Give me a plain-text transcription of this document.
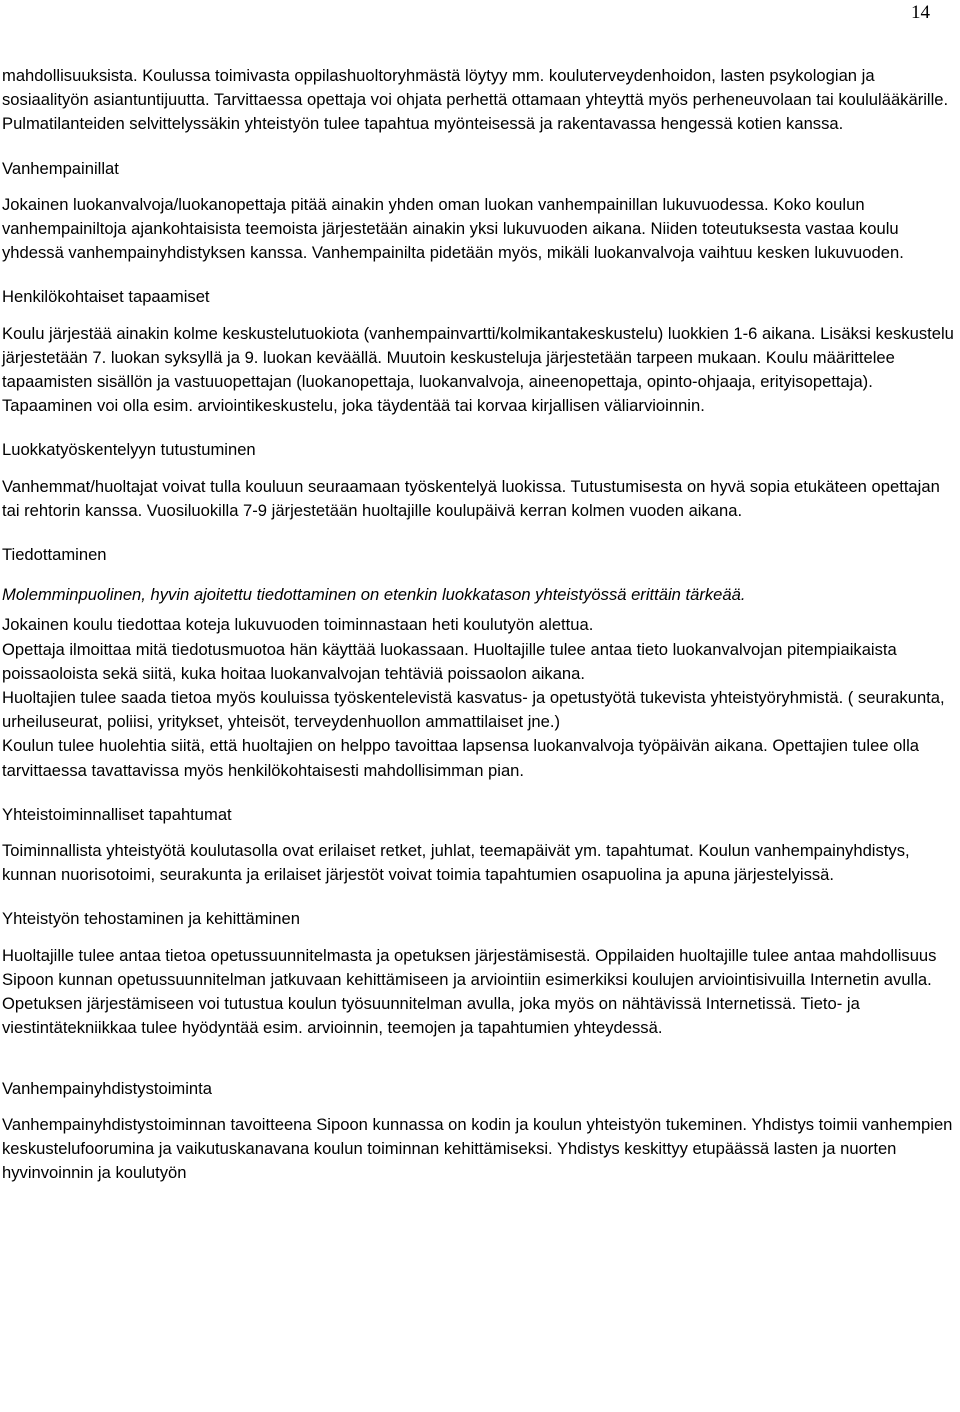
14

mahdollisuuksista. Koulussa toimivasta oppilashuoltoryhmästä löytyy mm. kouluterveydenhoidon, lasten psykologian ja sosiaalityön asiantuntijuutta. Tarvittaessa opettaja voi ohjata perhettä ottamaan yhteyttä myös perheneuvolaan tai koululääkärille. Pulmatilanteiden selvittelyssäkin yhteistyön tulee tapahtua myönteisessä ja rakentavassa hengessä kotien kanssa.

Vanhempainillat

Jokainen luokanvalvoja/luokanopettaja pitää ainakin yhden oman luokan vanhempainillan lukuvuodessa. Koko koulun vanhempainiltoja ajankohtaisista teemoista järjestetään ainakin yksi lukuvuoden aikana. Niiden toteutuksesta vastaa koulu yhdessä vanhempainyhdistyksen kanssa. Vanhempainilta pidetään myös, mikäli luokanvalvoja vaihtuu kesken lukuvuoden.

Henkilökohtaiset tapaamiset

Koulu järjestää ainakin kolme keskustelutuokiota (vanhempainvartti/kolmikantakeskustelu) luokkien 1-6 aikana. Lisäksi keskustelu järjestetään 7. luokan syksyllä ja 9. luokan keväällä. Muutoin keskusteluja järjestetään tarpeen mukaan. Koulu määrittelee tapaamisten sisällön ja vastuuopettajan (luokanopettaja, luokanvalvoja, aineenopettaja, opinto-ohjaaja, erityisopettaja). Tapaaminen voi olla esim. arviointikeskustelu, joka täydentää tai korvaa kirjallisen väliarvioinnin.

Luokkatyöskentelyyn tutustuminen

Vanhemmat/huoltajat voivat tulla kouluun seuraamaan työskentelyä luokissa. Tutustumisesta on hyvä sopia etukäteen opettajan tai rehtorin kanssa. Vuosiluokilla 7-9 järjestetään huoltajille koulupäivä kerran kolmen vuoden aikana.

Tiedottaminen

Molemminpuolinen, hyvin ajoitettu tiedottaminen on etenkin luokkatason yhteistyössä erittäin tärkeää.

Jokainen koulu tiedottaa koteja lukuvuoden toiminnastaan heti koulutyön alettua.

Opettaja ilmoittaa mitä tiedotusmuotoa hän käyttää luokassaan. Huoltajille tulee antaa tieto luokanvalvojan pitempiaikaista poissaoloista sekä siitä, kuka hoitaa luokanvalvojan tehtäviä poissaolon aikana.

Huoltajien tulee saada tietoa myös kouluissa työskentelevistä kasvatus- ja opetustyötä tukevista yhteistyöryhmistä. ( seurakunta, urheiluseurat, poliisi, yritykset, yhteisöt, terveydenhuollon ammattilaiset jne.)

Koulun tulee huolehtia siitä, että huoltajien on helppo tavoittaa lapsensa luokanvalvoja työpäivän aikana. Opettajien tulee olla tarvittaessa tavattavissa myös henkilökohtaisesti mahdollisimman pian.

Yhteistoiminnalliset tapahtumat

Toiminnallista yhteistyötä koulutasolla ovat erilaiset retket, juhlat, teemapäivät ym. tapahtumat. Koulun vanhempainyhdistys, kunnan nuorisotoimi, seurakunta ja erilaiset järjestöt voivat toimia tapahtumien osapuolina ja apuna järjestelyissä.

Yhteistyön tehostaminen ja kehittäminen

Huoltajille tulee antaa tietoa opetussuunnitelmasta ja opetuksen järjestämisestä. Oppilaiden huoltajille tulee antaa mahdollisuus Sipoon kunnan opetussuunnitelman jatkuvaan kehittämiseen ja arviointiin esimerkiksi koulujen arviointisivuilla Internetin avulla. Opetuksen järjestämiseen voi tutustua koulun työsuunnitelman avulla, joka myös on nähtävissä Internetissä. Tieto- ja viestintätekniikkaa tulee hyödyntää esim. arvioinnin, teemojen ja tapahtumien yhteydessä.

Vanhempainyhdistystoiminta

Vanhempainyhdistystoiminnan tavoitteena Sipoon kunnassa on kodin ja koulun yhteistyön tukeminen. Yhdistys toimii vanhempien keskustelufoorumina ja vaikutuskanavana koulun toiminnan kehittämiseksi. Yhdistys keskittyy etupäässä lasten ja nuorten hyvinvoinnin ja koulutyön
